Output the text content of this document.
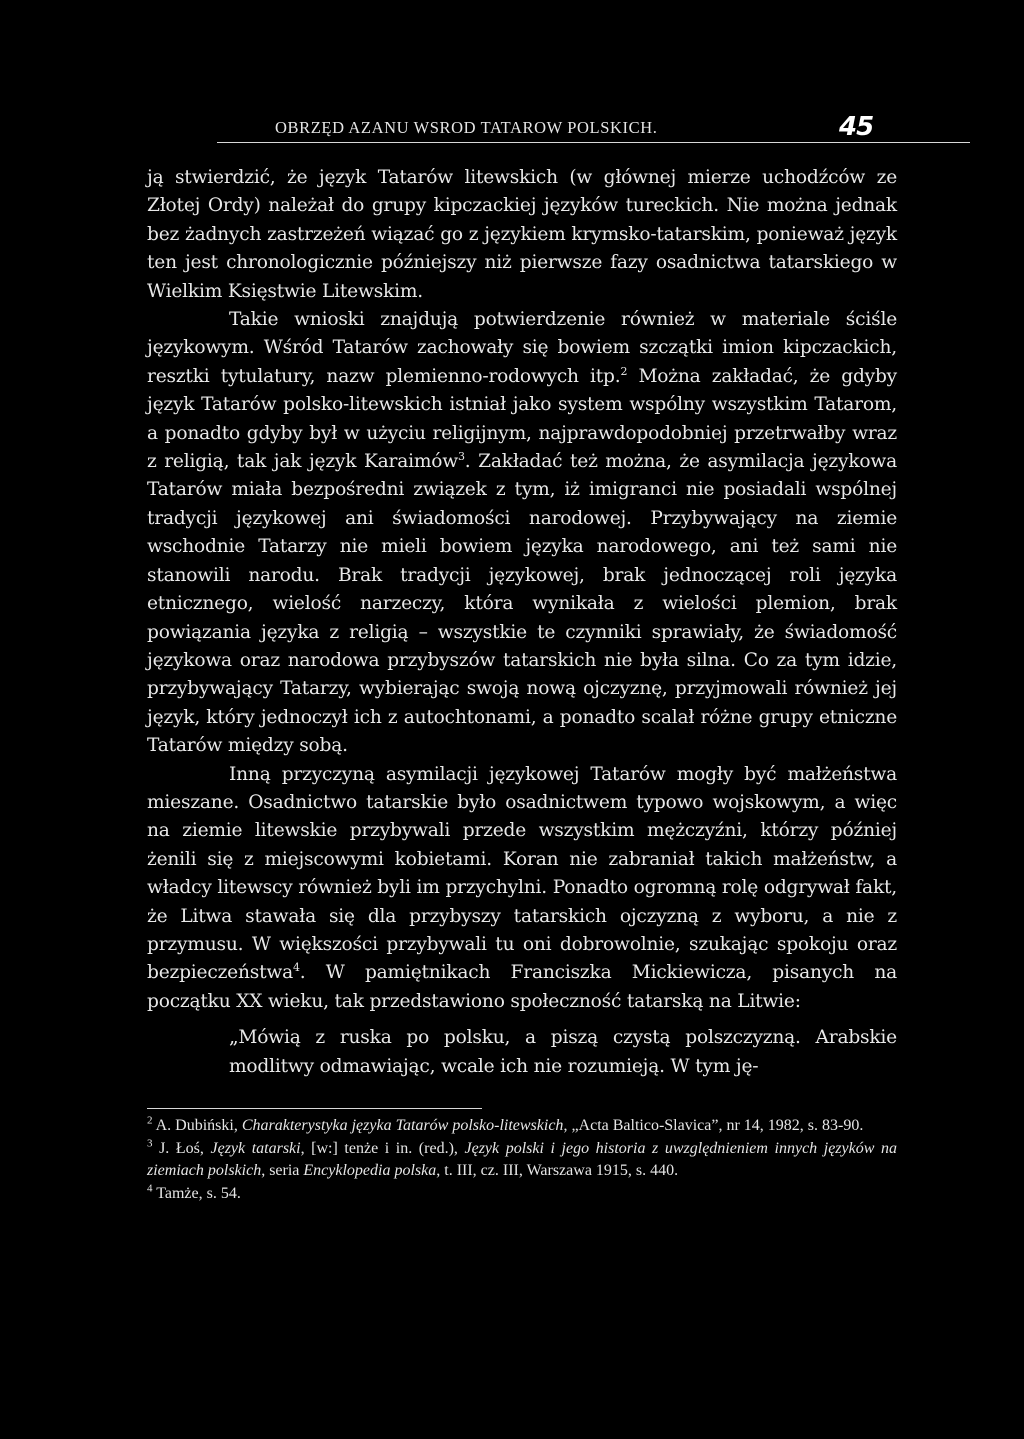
OBRZĘD AZANU WSROD TATAROW POLSKICH.	45

ją stwierdzić, że język Tatarów litewskich (w głównej mierze uchodźców ze Złotej Ordy) należał do grupy kipczackiej języków tureckich. Nie można jednak bez żadnych zastrzeżeń wiązać go z językiem krymsko-tatarskim, ponieważ język ten jest chronologicznie późniejszy niż pierwsze fazy osadnictwa tatarskiego w Wielkim Księstwie Litewskim.

Takie wnioski znajdują potwierdzenie również w materiale ściśle językowym. Wśród Tatarów zachowały się bowiem szczątki imion kipczackich, resztki tytulatury, nazw plemienno-rodowych itp.$^2$ Można zakładać, że gdyby język Tatarów polsko-litewskich istniał jako system wspólny wszystkim Tatarom, a ponadto gdyby był w użyciu religijnym, najprawdopodobniej przetrwałby wraz z religią, tak jak język Karaimów$^3$. Zakładać też można, że asymilacja językowa Tatarów miała bezpośredni związek z tym, iż imigranci nie posiadali wspólnej tradycji językowej ani świadomości narodowej. Przybywający na ziemie wschodnie Tatarzy nie mieli bowiem języka narodowego, ani też sami nie stanowili narodu. Brak tradycji językowej, brak jednoczącej roli języka etnicznego, wielość narzeczy, która wynikała z wielości plemion, brak powiązania języka z religią – wszystkie te czynniki sprawiały, że świadomość językowa oraz narodowa przybyszów tatarskich nie była silna. Co za tym idzie, przybywający Tatarzy, wybierając swoją nową ojczyznę, przyjmowali również jej język, który jednoczył ich z autochtonami, a ponadto scalał różne grupy etniczne Tatarów między sobą.

Inną przyczyną asymilacji językowej Tatarów mogły być małżeństwa mieszane. Osadnictwo tatarskie było osadnictwem typowo wojskowym, a więc na ziemie litewskie przybywali przede wszystkim mężczyźni, którzy później żenili się z miejscowymi kobietami. Koran nie zabraniał takich małżeństw, a władcy litewscy również byli im przychylni. Ponadto ogromną rolę odgrywał fakt, że Litwa stawała się dla przybyszy tatarskich ojczyzną z wyboru, a nie z przymusu. W większości przybywali tu oni dobrowolnie, szukając spokoju oraz bezpieczeństwa$^4$. W pamiętnikach Franciszka Mickiewicza, pisanych na początku XX wieku, tak przedstawiono społeczność tatarską na Litwie:

„Mówią z ruska po polsku, a piszą czystą polszczyzną. Arabskie modlitwy odmawiając, wcale ich nie rozumieją. W tym ję-

$^2$ A. Dubiński, Charakterystyka języka Tatarów polsko-litewskich, „Acta Baltico-Slavica”, nr 14, 1982, s. 83-90.

$^3$ J. Łoś, Język tatarski, [w:] tenże i in. (red.), Język polski i jego historia z uwzględnieniem innych języków na ziemiach polskich, seria Encyklopedia polska, t. III, cz. III, Warszawa 1915, s. 440.

$^4$ Tamże, s. 54.
